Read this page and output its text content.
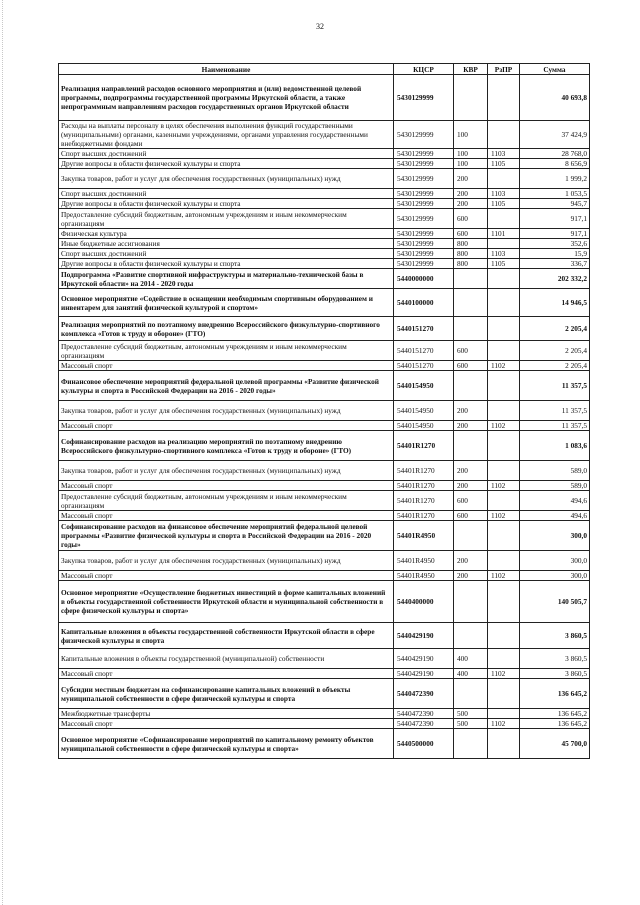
32
Наименование	КЦСР	КВР	РзПР	Сумма
Реализация направлений расходов основного мероприятия и (или) ведомственной целевой программы, подпрограммы государственной программы Иркутской области, а также непрограммным направлениям расходов государственных органов Иркутской области	5430129999			40 693,8
Расходы на выплаты персоналу в целях обеспечения выполнения функций государственными (муниципальными) органами, казенными учреждениями, органами управления государственными внебюджетными фондами	5430129999	100		37 424,9
Спорт высших достижений	5430129999	100	1103	28 768,0
Другие вопросы в области физической культуры и спорта	5430129999	100	1105	8 656,9
Закупка товаров, работ и услуг для обеспечения государственных (муниципальных) нужд	5430129999	200		1 999,2
Спорт высших достижений	5430129999	200	1103	1 053,5
Другие вопросы в области физической культуры и спорта	5430129999	200	1105	945,7
Предоставление субсидий бюджетным, автономным учреждениям и иным некоммерческим организациям	5430129999	600		917,1
Физическая культура	5430129999	600	1101	917,1
Иные бюджетные ассигнования	5430129999	800		352,6
Спорт высших достижений	5430129999	800	1103	15,9
Другие вопросы в области физической культуры и спорта	5430129999	800	1105	336,7
Подпрограмма «Развитие спортивной инфраструктуры и материально-технической базы в Иркутской области» на 2014 - 2020 годы	5440000000			202 332,2
Основное мероприятие «Содействие в оснащении необходимым спортивным оборудованием и инвентарем для занятий физической культурой и спортом»	5440100000			14 946,5
Реализация мероприятий по поэтапному внедрению Всероссийского физкультурно-спортивного комплекса «Готов к труду и обороне» (ГТО)	5440151270			2 205,4
Предоставление субсидий бюджетным, автономным учреждениям и иным некоммерческим организациям	5440151270	600		2 205,4
Массовый спорт	5440151270	600	1102	2 205,4
Финансовое обеспечение мероприятий федеральной целевой программы «Развитие физической культуры и спорта в Российской Федерации на 2016 - 2020 годы»	5440154950			11 357,5
Закупка товаров, работ и услуг для обеспечения государственных (муниципальных) нужд	5440154950	200		11 357,5
Массовый спорт	5440154950	200	1102	11 357,5
Софинансирование расходов на реализацию мероприятий по поэтапному внедрению Всероссийского физкультурно-спортивного комплекса «Готов к труду и обороне» (ГТО)	54401R1270			1 083,6
Закупка товаров, работ и услуг для обеспечения государственных (муниципальных) нужд	54401R1270	200		589,0
Массовый спорт	54401R1270	200	1102	589,0
Предоставление субсидий бюджетным, автономным учреждениям и иным некоммерческим организациям	54401R1270	600		494,6
Массовый спорт	54401R1270	600	1102	494,6
Софинансирование расходов на финансовое обеспечение мероприятий федеральной целевой программы «Развитие физической культуры и спорта в Российской Федерации на 2016 - 2020 годы»	54401R4950			300,0
Закупка товаров, работ и услуг для обеспечения государственных (муниципальных) нужд	54401R4950	200		300,0
Массовый спорт	54401R4950	200	1102	300,0
Основное мероприятие «Осуществление бюджетных инвестиций в форме капитальных вложений в объекты государственной собственности Иркутской области и муниципальной собственности в сфере физической культуры и спорта»	5440400000			140 505,7
Капитальные вложения в объекты государственной собственности Иркутской области в сфере физической культуры и спорта	5440429190			3 860,5
Капитальные вложения в объекты государственной (муниципальной) собственности	5440429190	400		3 860,5
Массовый спорт	5440429190	400	1102	3 860,5
Субсидии местным бюджетам на софинансирование капитальных вложений в объекты муниципальной собственности в сфере физической культуры и спорта	5440472390			136 645,2
Межбюджетные трансферты	5440472390	500		136 645,2
Массовый спорт	5440472390	500	1102	136 645,2
Основное мероприятие «Софинансирование мероприятий по капитальному ремонту объектов муниципальной собственности в сфере физической культуры и спорта»	5440500000			45 700,0
